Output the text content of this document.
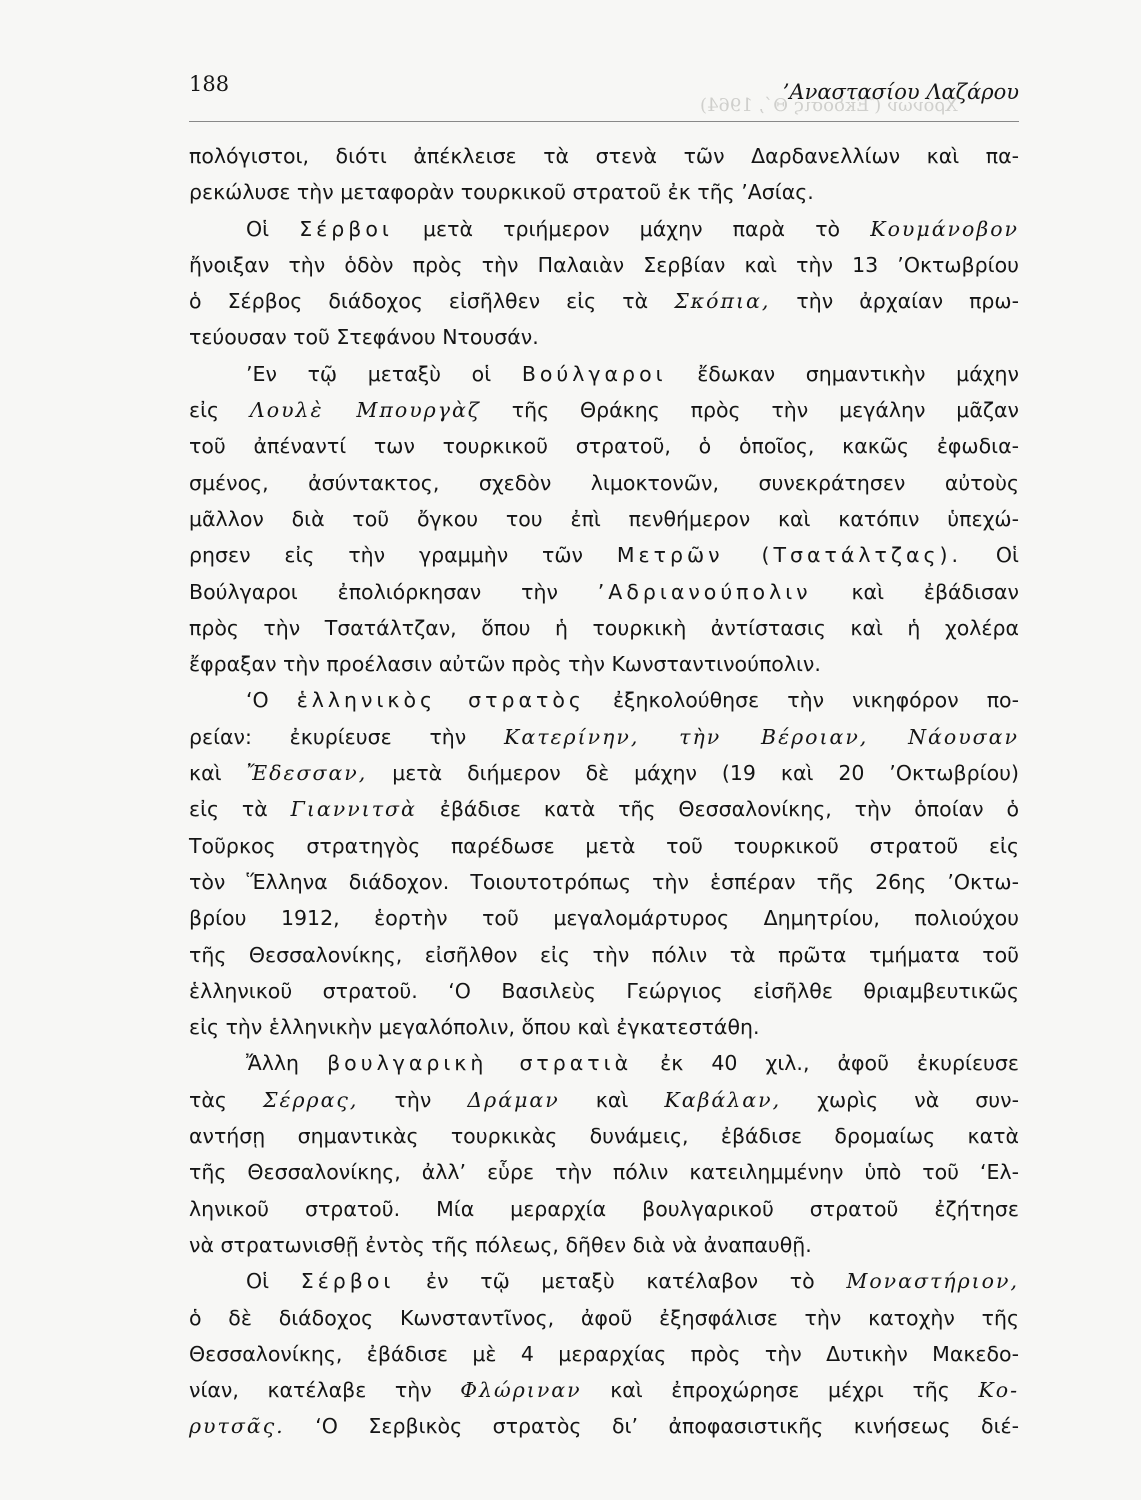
Χρόνων (Ἔκδοσις Θ΄, 1964)
188	’Αναστασίου Λαζάρου
πολόγιστοι, διότι ἀπέκλεισε τὰ στενὰ τῶν Δαρδανελλίων καὶ πα-
ρεκώλυσε τὴν μεταφορὰν τουρκικοῦ στρατοῦ ἐκ τῆς ’Ασίας.
Οἱ Σέρβοι μετὰ τριήμερον μάχην παρὰ τὸ Κουμάνοβον
ἤνοιξαν τὴν ὁδὸν πρὸς τὴν Παλαιὰν Σερβίαν καὶ τὴν 13 ’Οκτωβρίου
ὁ Σέρβος διάδοχος εἰσῆλθεν εἰς τὰ Σκόπια, τὴν ἀρχαίαν πρω-
τεύουσαν τοῦ Στεφάνου Ντουσάν.
’Εν τῷ μεταξὺ οἱ Βούλγαροι ἔδωκαν σημαντικὴν μάχην
εἰς Λουλὲ Μπουργὰζ τῆς Θράκης πρὸς τὴν μεγάλην μᾶζαν
τοῦ ἀπέναντί των τουρκικοῦ στρατοῦ, ὁ ὁποῖος, κακῶς ἐφωδια-
σμένος, ἀσύντακτος, σχεδὸν λιμοκτονῶν, συνεκράτησεν αὐτοὺς
μᾶλλον διὰ τοῦ ὄγκου του ἐπὶ πενθήμερον καὶ κατόπιν ὑπεχώ-
ρησεν εἰς τὴν γραμμὴν τῶν Μετρῶν (Τσατάλτζας). Οἱ
Βούλγαροι ἐπολιόρκησαν τὴν ’Αδριανούπολιν καὶ ἐβάδισαν
πρὸς τὴν Τσατάλτζαν, ὅπου ἡ τουρκικὴ ἀντίστασις καὶ ἡ χολέρα
ἔφραξαν τὴν προέλασιν αὐτῶν πρὸς τὴν Κωνσταντινούπολιν.
‘Ο ἑλληνικὸς στρατὸς ἐξηκολούθησε τὴν νικηφόρον πο-
ρείαν: ἐκυρίευσε τὴν Κατερίνην, τὴν Βέροιαν, Νάουσαν
καὶ Ἔδεσσαν, μετὰ διήμερον δὲ μάχην (19 καὶ 20 ’Οκτωβρίου)
εἰς τὰ Γιαννιτσὰ ἐβάδισε κατὰ τῆς Θεσσαλονίκης, τὴν ὁποίαν ὁ
Τοῦρκος στρατηγὸς παρέδωσε μετὰ τοῦ τουρκικοῦ στρατοῦ εἰς
τὸν Ἕλληνα διάδοχον. Τοιουτοτρόπως τὴν ἑσπέραν τῆς 26ης ’Οκτω-
βρίου 1912, ἑορτὴν τοῦ μεγαλομάρτυρος Δημητρίου, πολιούχου
τῆς Θεσσαλονίκης, εἰσῆλθον εἰς τὴν πόλιν τὰ πρῶτα τμήματα τοῦ
ἑλληνικοῦ στρατοῦ. ‘Ο Βασιλεὺς Γεώργιος εἰσῆλθε θριαμβευτικῶς
εἰς τὴν ἑλληνικὴν μεγαλόπολιν, ὅπου καὶ ἐγκατεστάθη.
Ἄλλη βουλγαρικὴ στρατιὰ ἐκ 40 χιλ., ἀφοῦ ἐκυρίευσε
τὰς Σέρρας, τὴν Δράμαν καὶ Καβάλαν, χωρὶς νὰ συν-
αντήσῃ σημαντικὰς τουρκικὰς δυνάμεις, ἐβάδισε δρομαίως κατὰ
τῆς Θεσσαλονίκης, ἀλλ’ εὗρε τὴν πόλιν κατειλημμένην ὑπὸ τοῦ ‘Ελ-
ληνικοῦ στρατοῦ. Μία μεραρχία βουλγαρικοῦ στρατοῦ ἐζήτησε
νὰ στρατωνισθῇ ἐντὸς τῆς πόλεως, δῆθεν διὰ νὰ ἀναπαυθῇ.
Οἱ Σέρβοι ἐν τῷ μεταξὺ κατέλαβον τὸ Μοναστήριον,
ὁ δὲ διάδοχος Κωνσταντῖνος, ἀφοῦ ἐξησφάλισε τὴν κατοχὴν τῆς
Θεσσαλονίκης, ἐβάδισε μὲ 4 μεραρχίας πρὸς τὴν Δυτικὴν Μακεδο-
νίαν, κατέλαβε τὴν Φλώριναν καὶ ἐπροχώρησε μέχρι τῆς Κο-
ρυτσᾶς. ‘Ο Σερβικὸς στρατὸς δι’ ἀποφασιστικῆς κινήσεως διέ-
